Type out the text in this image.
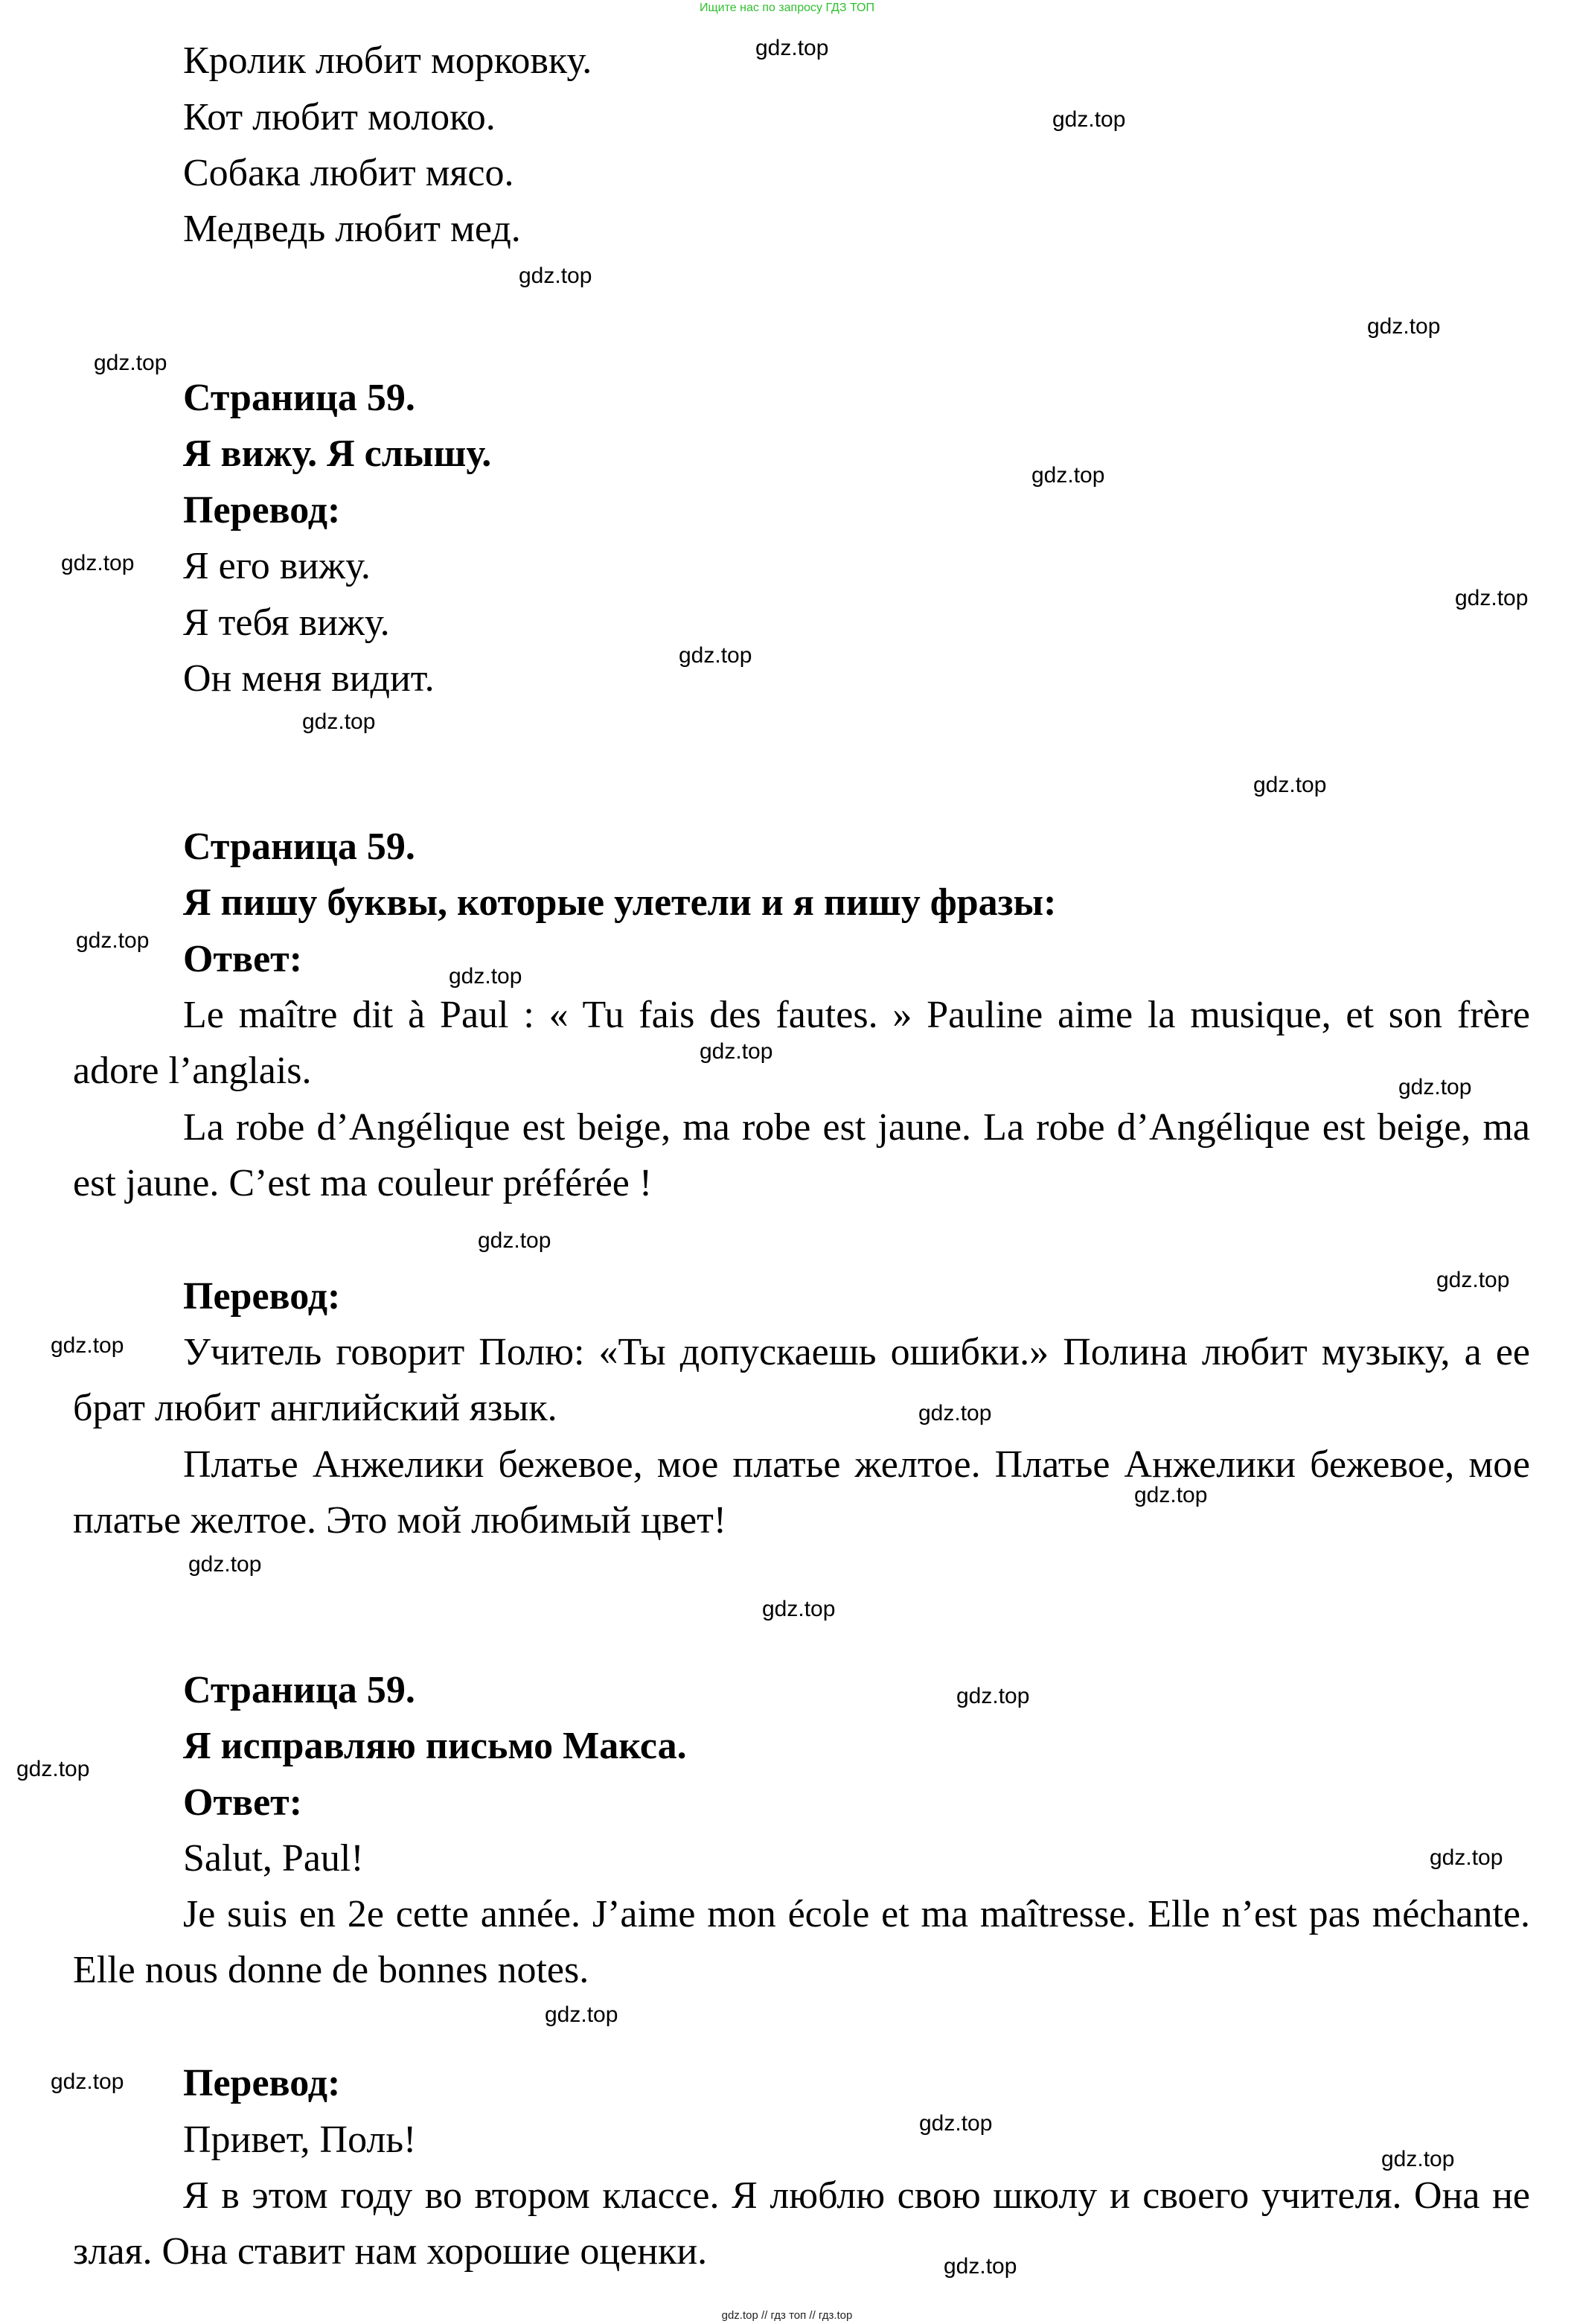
Ищите нас по запросу ГДЗ ТОП
Кролик любит морковку.
Кот любит молоко.
Собака любит мясо.
Медведь любит мед.
Страница 59.
Я вижу. Я слышу.
Перевод:
Я его вижу.
Я тебя вижу.
Он меня видит.
Страница 59.
Я пишу буквы, которые улетели и я пишу фразы:
Ответ:
Le maître dit à Paul : « Tu fais des fautes. » Pauline aime la musique, et son frère adore l’anglais.
La robe d’Angélique est beige, ma robe est jaune. La robe d’Angélique est beige, ma est jaune. C’est ma couleur préférée !
Перевод:
Учитель говорит Полю: «Ты допускаешь ошибки.» Полина любит музыку, а ее брат любит английский язык.
Платье Анжелики бежевое, мое платье желтое. Платье Анжелики бежевое, мое платье желтое. Это мой любимый цвет!
Страница 59.
Я исправляю письмо Макса.
Ответ:
Salut, Paul!
Je suis en 2e cette année. J’aime mon école et ma maîtresse. Elle n’est pas méchante. Elle nous donne de bonnes notes.
Перевод:
Привет, Поль!
Я в этом году во втором классе. Я люблю свою школу и своего учителя. Она не злая. Она ставит нам хорошие оценки.
gdz.top
gdz.top
gdz.top
gdz.top
gdz.top
gdz.top
gdz.top
gdz.top
gdz.top
gdz.top
gdz.top
gdz.top
gdz.top
gdz.top
gdz.top
gdz.top
gdz.top
gdz.top
gdz.top
gdz.top
gdz.top
gdz.top
gdz.top
gdz.top
gdz.top
gdz.top
gdz.top
gdz.top
gdz.top
gdz.top
gdz.top // гдз топ // гдз.top
